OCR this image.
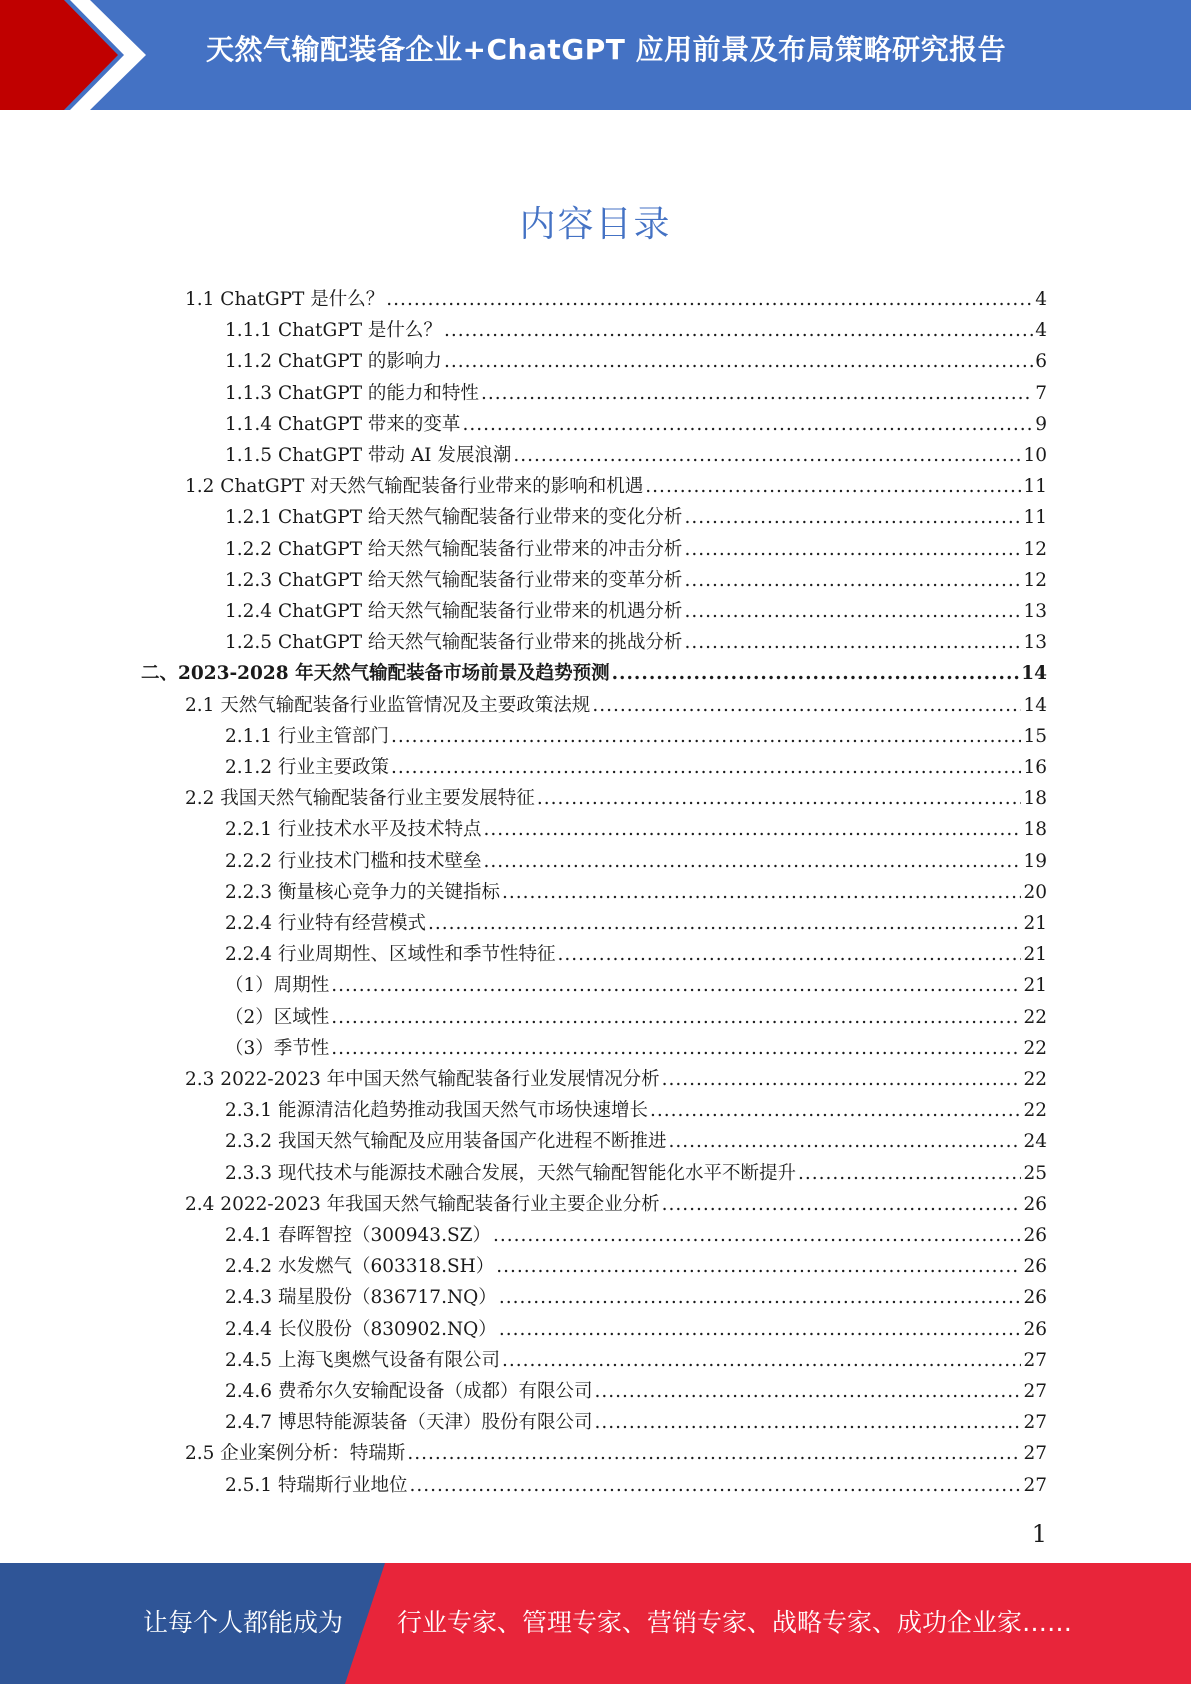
天然气输配装备企业+ChatGPT 应用前景及布局策略研究报告
内容目录
1.1 ChatGPT 是什么？ .....	4
1.1.1 ChatGPT 是什么？ .....	4
1.1.2 ChatGPT 的影响力 .....	6
1.1.3 ChatGPT 的能力和特性 .....	7
1.1.4 ChatGPT 带来的变革 .....	9
1.1.5 ChatGPT 带动 AI 发展浪潮 .....	10
1.2 ChatGPT 对天然气输配装备行业带来的影响和机遇 .....	11
1.2.1 ChatGPT 给天然气输配装备行业带来的变化分析 .....	11
1.2.2 ChatGPT 给天然气输配装备行业带来的冲击分析 .....	12
1.2.3 ChatGPT 给天然气输配装备行业带来的变革分析 .....	12
1.2.4 ChatGPT 给天然气输配装备行业带来的机遇分析 .....	13
1.2.5 ChatGPT 给天然气输配装备行业带来的挑战分析 .....	13
二、2023-2028 年天然气输配装备市场前景及趋势预测 .....	14
2.1 天然气输配装备行业监管情况及主要政策法规 .....	14
2.1.1 行业主管部门 .....	15
2.1.2 行业主要政策 .....	16
2.2 我国天然气输配装备行业主要发展特征 .....	18
2.2.1 行业技术水平及技术特点 .....	18
2.2.2 行业技术门槛和技术壁垒 .....	19
2.2.3 衡量核心竞争力的关键指标 .....	20
2.2.4 行业特有经营模式 .....	21
2.2.4 行业周期性、区域性和季节性特征 .....	21
（1）周期性 .....	21
（2）区域性 .....	22
（3）季节性 .....	22
2.3 2022-2023 年中国天然气输配装备行业发展情况分析 .....	22
2.3.1 能源清洁化趋势推动我国天然气市场快速增长 .....	22
2.3.2 我国天然气输配及应用装备国产化进程不断推进 .....	24
2.3.3 现代技术与能源技术融合发展，天然气输配智能化水平不断提升 .....	25
2.4 2022-2023 年我国天然气输配装备行业主要企业分析 .....	26
2.4.1 春晖智控（300943.SZ） .....	26
2.4.2 水发燃气（603318.SH） .....	26
2.4.3 瑞星股份（836717.NQ） .....	26
2.4.4 长仪股份（830902.NQ） .....	26
2.4.5 上海飞奥燃气设备有限公司 .....	27
2.4.6 费希尔久安输配设备（成都）有限公司 .....	27
2.4.7 博思特能源装备（天津）股份有限公司 .....	27
2.5 企业案例分析：特瑞斯 .....	27
2.5.1 特瑞斯行业地位 .....	27
1
让每个人都能成为 行业专家、管理专家、营销专家、战略专家、成功企业家……
